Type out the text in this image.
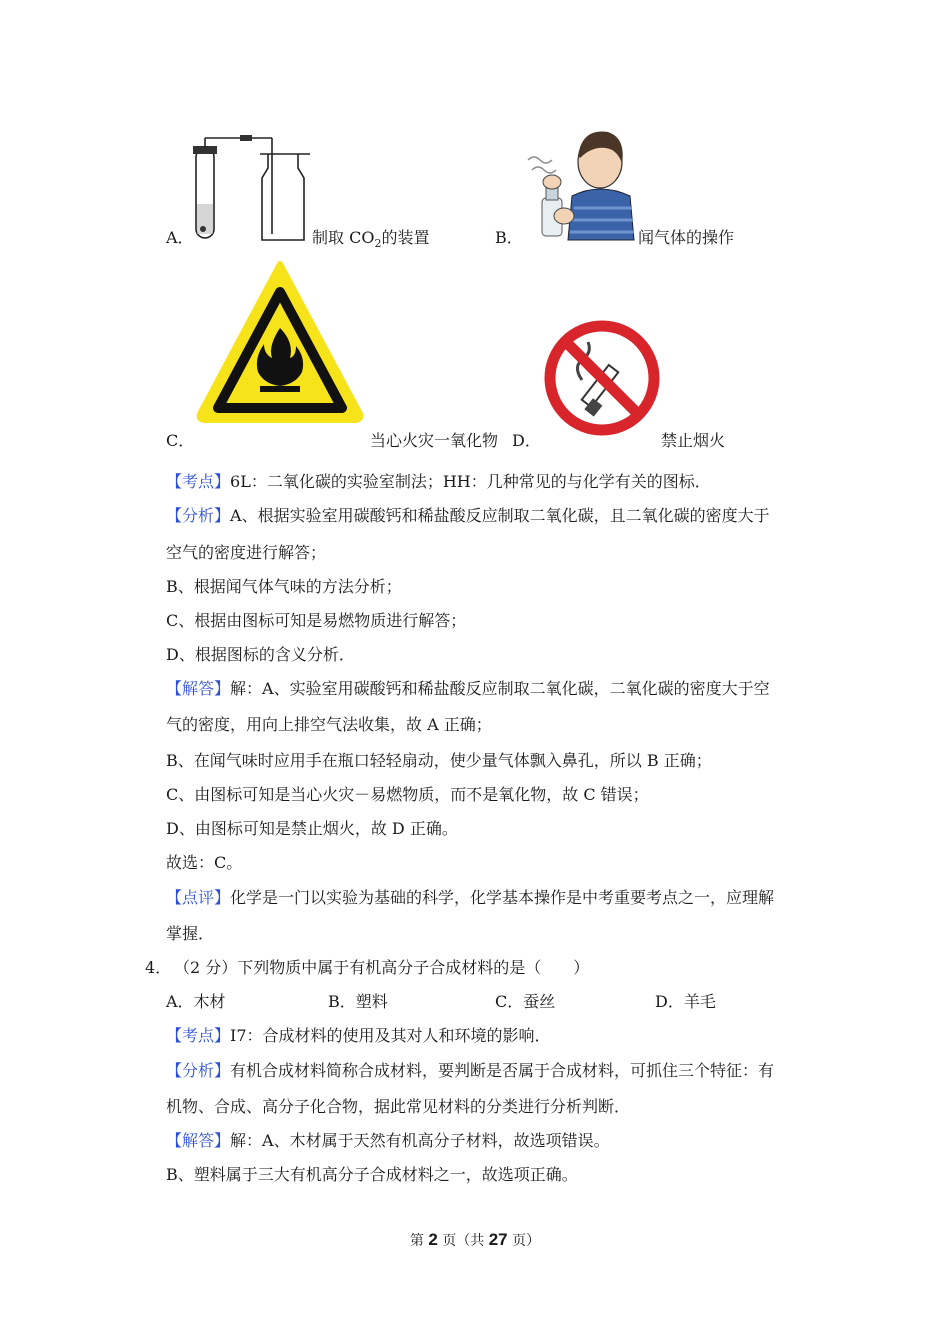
A．	制取 $CO_2$的装置	B．	闻气体的操作
C．	当心火灾一氧化物 D．	禁止烟火
【考点】6L：二氧化碳的实验室制法；HH：几种常见的与化学有关的图标．
【分析】A、根据实验室用碳酸钙和稀盐酸反应制取二氧化碳，且二氧化碳的密度大于
空气的密度进行解答；
B、根据闻气体气味的方法分析；
C、根据由图标可知是易燃物质进行解答；
D、根据图标的含义分析．
【解答】解：A、实验室用碳酸钙和稀盐酸反应制取二氧化碳，二氧化碳的密度大于空
气的密度，用向上排空气法收集，故 A 正确；
B、在闻气味时应用手在瓶口轻轻扇动，使少量气体飘入鼻孔，所以 B 正确；
C、由图标可知是当心火灾－易燃物质，而不是氧化物，故 C 错误；
D、由图标可知是禁止烟火，故 D 正确。
故选：C。
【点评】化学是一门以实验为基础的科学，化学基本操作是中考重要考点之一，应理解
掌握．
4． （2 分）下列物质中属于有机高分子合成材料的是（　　）
A．木材	B．塑料	C．蚕丝	D．羊毛
【考点】I7：合成材料的使用及其对人和环境的影响．
【分析】有机合成材料简称合成材料，要判断是否属于合成材料，可抓住三个特征：有
机物、合成、高分子化合物，据此常见材料的分类进行分析判断．
【解答】解：A、木材属于天然有机高分子材料，故选项错误。
B、塑料属于三大有机高分子合成材料之一，故选项正确。
第 2 页（共 27 页）
